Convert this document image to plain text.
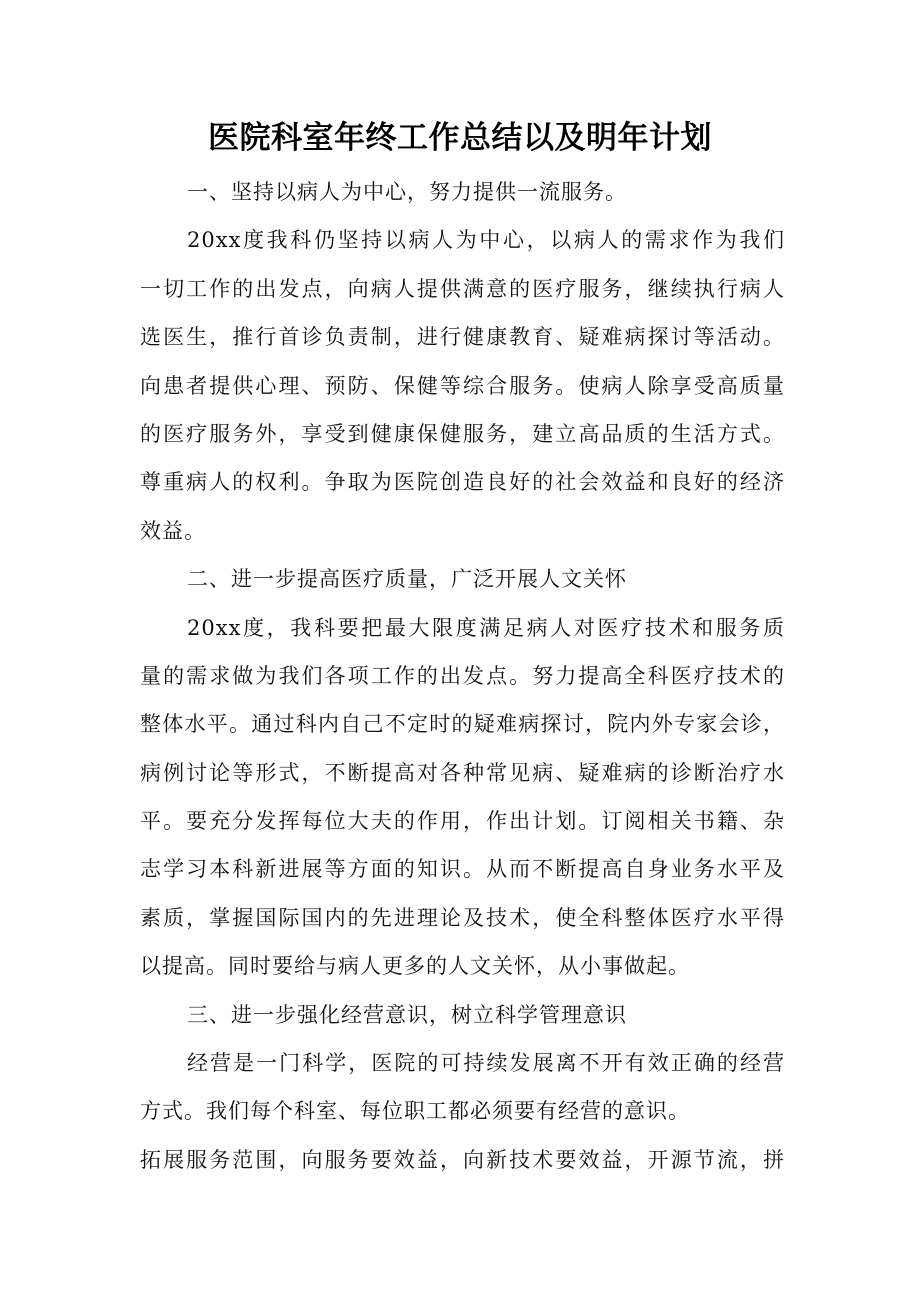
医院科室年终工作总结以及明年计划
一、坚持以病人为中心，努力提供一流服务。
20xx度我科仍坚持以病人为中心，以病人的需求作为我们
一切工作的出发点，向病人提供满意的医疗服务，继续执行病人
选医生，推行首诊负责制，进行健康教育、疑难病探讨等活动。
向患者提供心理、预防、保健等综合服务。使病人除享受高质量
的医疗服务外，享受到健康保健服务，建立高品质的生活方式。
尊重病人的权利。争取为医院创造良好的社会效益和良好的经济
效益。
二、进一步提高医疗质量，广泛开展人文关怀
20xx度，我科要把最大限度满足病人对医疗技术和服务质
量的需求做为我们各项工作的出发点。努力提高全科医疗技术的
整体水平。通过科内自己不定时的疑难病探讨，院内外专家会诊，
病例讨论等形式，不断提高对各种常见病、疑难病的诊断治疗水
平。要充分发挥每位大夫的作用，作出计划。订阅相关书籍、杂
志学习本科新进展等方面的知识。从而不断提高自身业务水平及
素质，掌握国际国内的先进理论及技术，使全科整体医疗水平得
以提高。同时要给与病人更多的人文关怀，从小事做起。
三、进一步强化经营意识，树立科学管理意识
经营是一门科学，医院的可持续发展离不开有效正确的经营
方式。我们每个科室、每位职工都必须要有经营的意识。
拓展服务范围，向服务要效益，向新技术要效益，开源节流，拼
